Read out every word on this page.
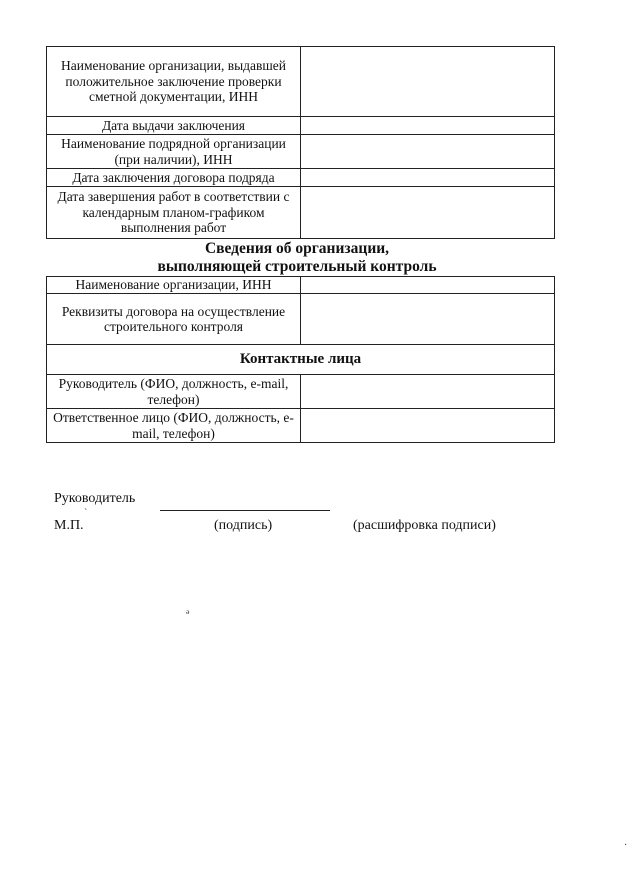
Наименование организации, выдавшей положительное заключение проверки сметной документации, ИНН	
Дата выдачи заключения	
Наименование подрядной организации (при наличии), ИНН	
Дата заключения договора подряда	
Дата завершения работ в соответствии с календарным планом-графиком выполнения работ	

Сведения об организации,

выполняющей строительный контроль

Наименование организации, ИНН	
Реквизиты договора на осуществление строительного контроля	
Контактные лица	
Руководитель (ФИО, должность, e-mail, телефон)	
Ответственное лицо (ФИО, должность, e-mail, телефон)	
Руководитель
М.П.	(подпись)	(расшифровка подписи)
ˋ
ₔ
·
